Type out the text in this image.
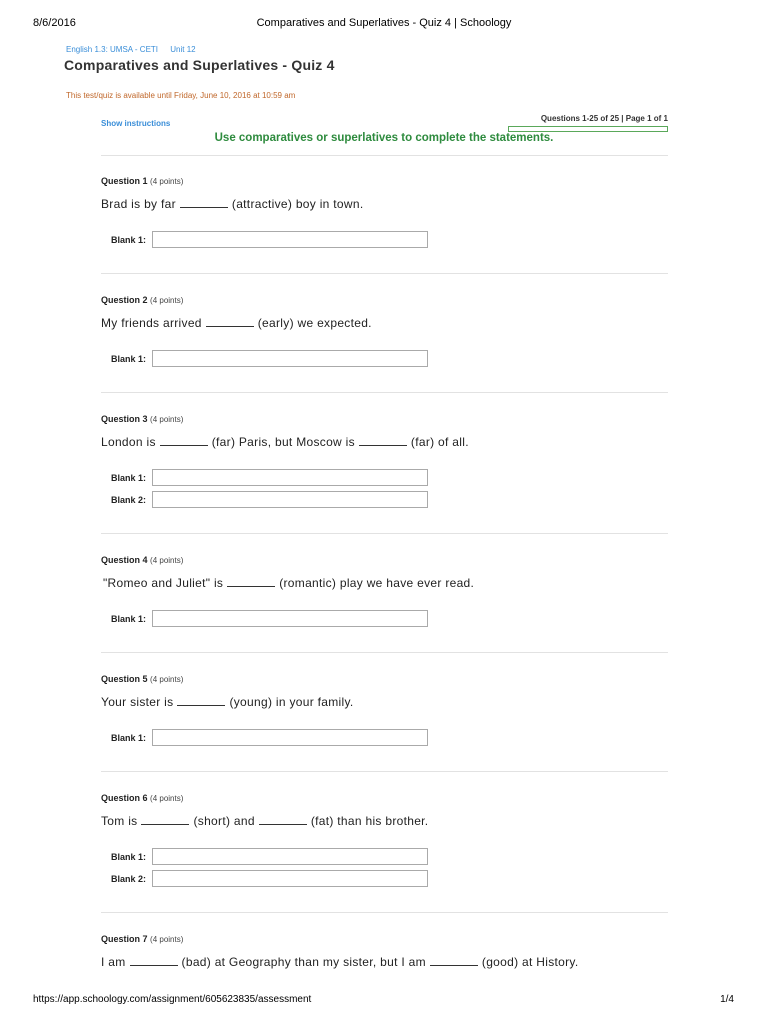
8/6/2016	Comparatives and Superlatives - Quiz 4 | Schoology
English 1.3: UMSA - CETI Unit 12
Comparatives and Superlatives - Quiz 4
This test/quiz is available until Friday, June 10, 2016 at 10:59 am
Show instructions
Questions 1-25 of 25 | Page 1 of 1
Use comparatives or superlatives to complete the statements.
Question 1 (4 points)
Brad is by far	(attractive) boy in town.
Blank 1:
Question 2 (4 points)
My friends arrived	(early) we expected.
Blank 1:
Question 3 (4 points)
London is	(far) Paris, but Moscow is	(far) of all.
Blank 1:
Blank 2:
Question 4 (4 points)
"Romeo and Juliet" is	(romantic) play we have ever read.
Blank 1:
Question 5 (4 points)
Your sister is	(young) in your family.
Blank 1:
Question 6 (4 points)
Tom is	(short) and	(fat) than his brother.
Blank 1:
Blank 2:
Question 7 (4 points)
I am	(bad) at Geography than my sister, but I am	(good) at History.
https://app.schoology.com/assignment/605623835/assessment	1/4
